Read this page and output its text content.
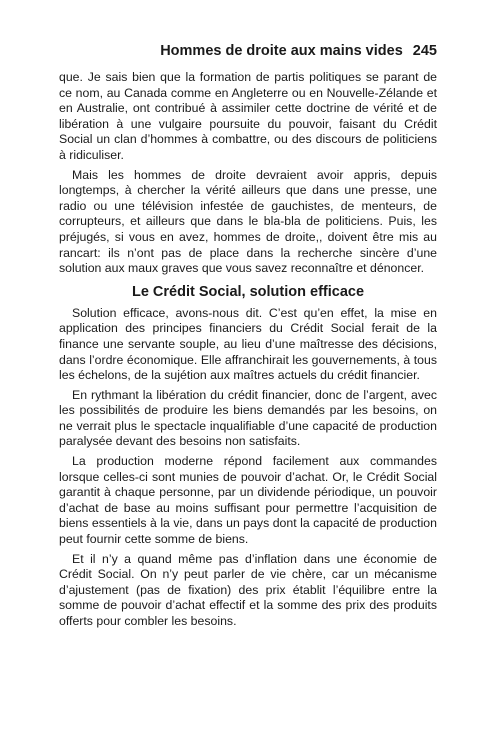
Hommes de droite aux mains vides 245

que. Je sais bien que la formation de partis politiques se parant de ce nom, au Canada comme en Angleterre ou en Nouvelle-Zélande et en Australie, ont contribué à assimiler cette doctrine de vérité et de libération à une vulgaire poursuite du pouvoir, faisant du Crédit Social un clan d’hommes à combattre, ou des discours de politiciens à ridiculiser.

Mais les hommes de droite devraient avoir appris, depuis longtemps, à chercher la vérité ailleurs que dans une presse, une radio ou une télévision infestée de gauchistes, de menteurs, de corrupteurs, et ailleurs que dans le bla-bla de politiciens. Puis, les préjugés, si vous en avez, hommes de droite,, doivent être mis au rancart: ils n’ont pas de place dans la recherche sincère d’une solution aux maux graves que vous savez reconnaître et dénoncer.

Le Crédit Social, solution efficace

Solution efficace, avons-nous dit. C’est qu’en effet, la mise en application des principes financiers du Crédit Social ferait de la finance une servante souple, au lieu d’une maîtresse des décisions, dans l’ordre économique. Elle affranchirait les gouvernements, à tous les échelons, de la sujétion aux maîtres actuels du crédit financier.

En rythmant la libération du crédit financier, donc de l’argent, avec les possibilités de produire les biens demandés par les besoins, on ne verrait plus le spectacle inqualifiable d’une capacité de production paralysée devant des besoins non satisfaits.

La production moderne répond facilement aux commandes lorsque celles-ci sont munies de pouvoir d’achat. Or, le Crédit Social garantit à chaque personne, par un dividende périodique, un pouvoir d’achat de base au moins suffisant pour permettre l’acquisition de biens essentiels à la vie, dans un pays dont la capacité de production peut fournir cette somme de biens.

Et il n’y a quand même pas d’inflation dans une économie de Crédit Social. On n’y peut parler de vie chère, car un mécanisme d’ajustement (pas de fixation) des prix établit l’équilibre entre la somme de pouvoir d’achat effectif et la somme des prix des produits offerts pour combler les besoins.
